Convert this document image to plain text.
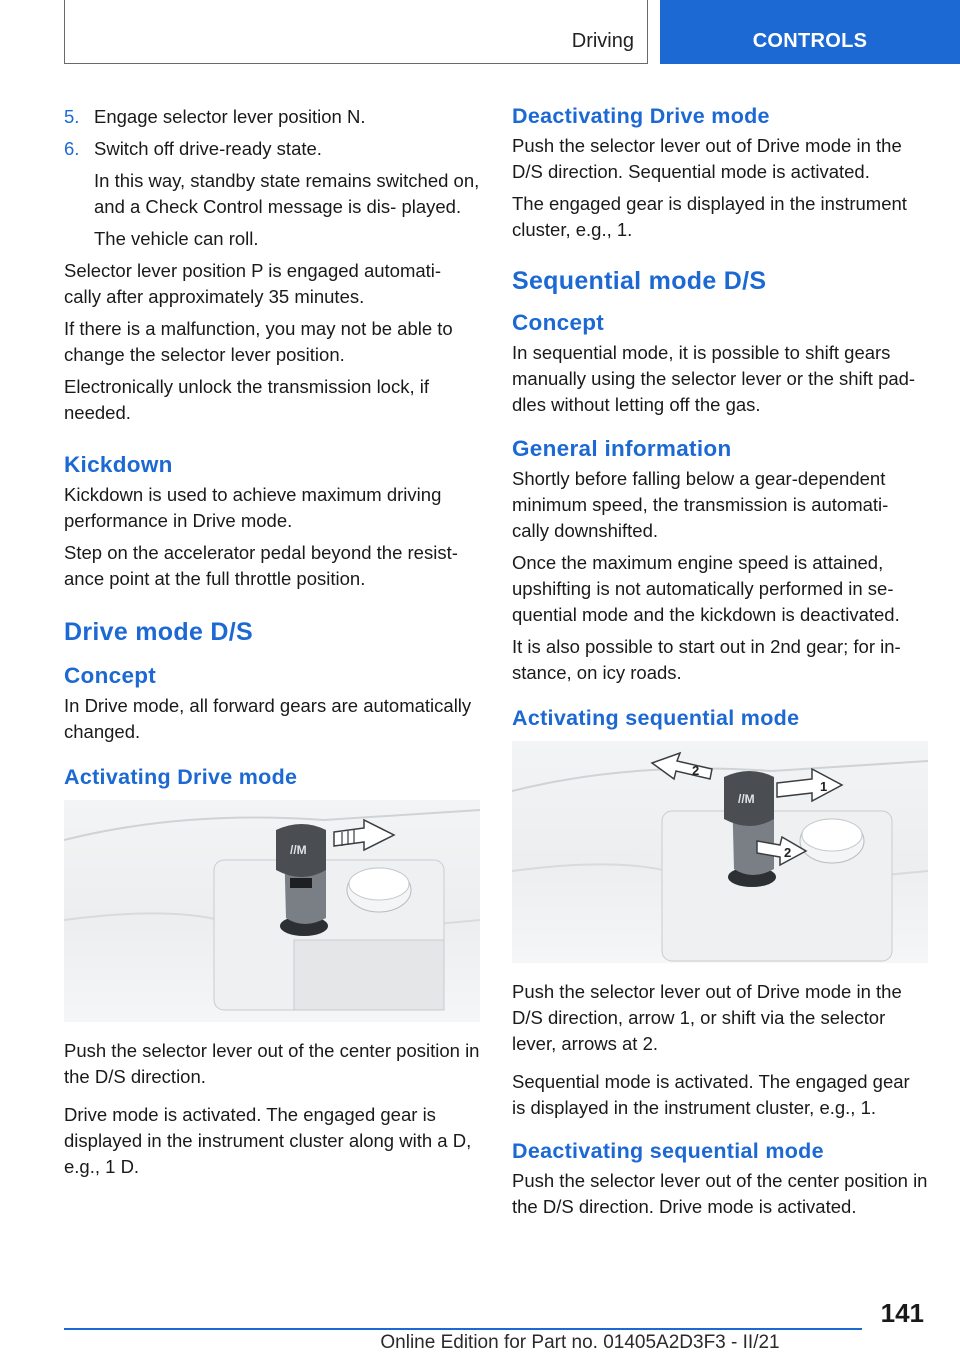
Driving	CONTROLS
5. Engage selector lever position N.
6. Switch off drive-ready state.

In this way, standby state remains switched on, and a Check Control message is dis‐ played.

The vehicle can roll.

Selector lever position P is engaged automati‐ cally after approximately 35 minutes.

If there is a malfunction, you may not be able to change the selector lever position.

Electronically unlock the transmission lock, if needed.

Kickdown

Kickdown is used to achieve maximum driving performance in Drive mode.

Step on the accelerator pedal beyond the resist‐ ance point at the full throttle position.

Drive mode D/S
Concept

In Drive mode, all forward gears are automatically changed.

Activating Drive mode
//M

Push the selector lever out of the center position in the D/S direction.

Drive mode is activated. The engaged gear is displayed in the instrument cluster along with a D, e.g., 1 D.

Deactivating Drive mode

Push the selector lever out of Drive mode in the D/S direction. Sequential mode is activated.

The engaged gear is displayed in the instrument cluster, e.g., 1.

Sequential mode D/S
Concept

In sequential mode, it is possible to shift gears manually using the selector lever or the shift pad‐ dles without letting off the gas.

General information

Shortly before falling below a gear-dependent minimum speed, the transmission is automati‐ cally downshifted.

Once the maximum engine speed is attained, upshifting is not automatically performed in se‐ quential mode and the kickdown is deactivated.

It is also possible to start out in 2nd gear; for in‐ stance, on icy roads.

Activating sequential mode
//M
2
1
2

Push the selector lever out of Drive mode in the D/S direction, arrow 1, or shift via the selector lever, arrows at 2.

Sequential mode is activated. The engaged gear is displayed in the instrument cluster, e.g., 1.

Deactivating sequential mode

Push the selector lever out of the center position in the D/S direction. Drive mode is activated.

141
Online Edition for Part no. 01405A2D3F3 - II/21
